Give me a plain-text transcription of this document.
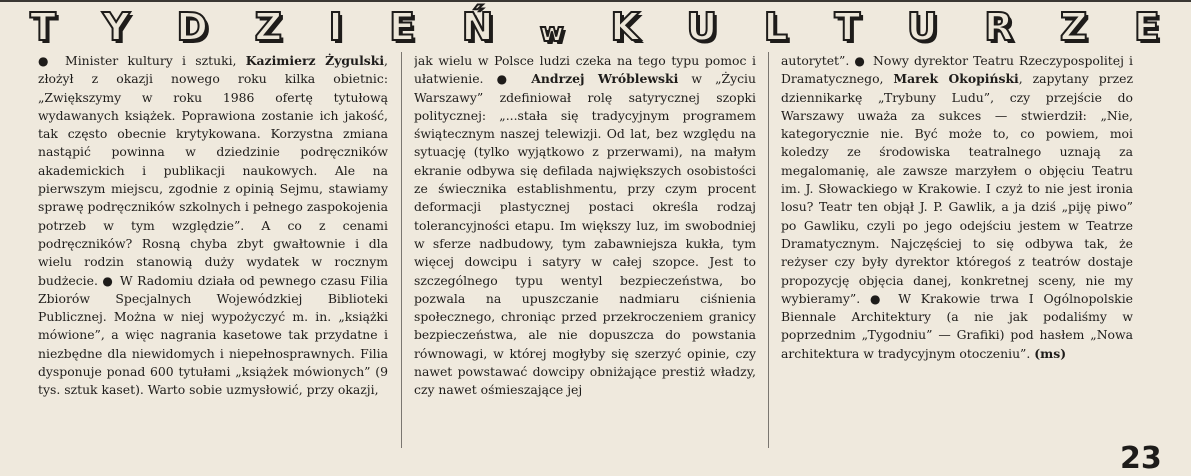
T Y D Z I E Ń w K U L T U R Z E

● Minister kultury i sztuki, Kazimierz Żygulski, złożył z okazji nowego roku kilka obietnic: „Zwiększymy w roku 1986 ofertę tytułową wydawanych książek. Poprawiona zostanie ich jakość, tak często obecnie krytykowana. Korzystna zmiana nastąpić powinna w dziedzinie podręczników akademickich i publikacji naukowych. Ale na pierwszym miejscu, zgodnie z opinią Sejmu, stawiamy sprawę podręczników szkolnych i pełnego zaspokojenia potrzeb w tym względzie”. A co z cenami podręczników? Rosną chyba zbyt gwałtownie i dla wielu rodzin stanowią duży wydatek w rocznym budżecie. ● W Radomiu działa od pewnego czasu Filia Zbiorów Specjalnych Wojewódzkiej Biblioteki Publicznej. Można w niej wypożyczyć m. in. „książki mówione”, a więc nagrania kasetowe tak przydatne i niezbędne dla niewidomych i niepełnosprawnych. Filia dysponuje ponad 600 tytułami „książek mówionych” (9 tys. sztuk kaset). Warto sobie uzmysłowić, przy okazji,

jak wielu w Polsce ludzi czeka na tego typu pomoc i ułatwienie. ● Andrzej Wróblewski w „Życiu Warszawy” zdefiniował rolę satyrycznej szopki politycznej: „...stała się tradycyjnym programem świątecznym naszej telewizji. Od lat, bez względu na sytuację (tylko wyjątkowo z przerwami), na małym ekranie odbywa się defilada największych osobistości ze świecznika establishmentu, przy czym procent deformacji plastycznej postaci określa rodzaj tolerancyjności etapu. Im większy luz, im swobodniej w sferze nadbudowy, tym zabawniejsza kukła, tym więcej dowcipu i satyry w całej szopce. Jest to szczególnego typu wentyl bezpieczeństwa, bo pozwala na upuszczanie nadmiaru ciśnienia społecznego, chroniąc przed przekroczeniem granicy bezpieczeństwa, ale nie dopuszcza do powstania równowagi, w której mogłyby się szerzyć opinie, czy nawet powstawać dowcipy obniżające prestiż władzy, czy nawet ośmieszające jej

autorytet”. ● Nowy dyrektor Teatru Rzeczypospolitej i Dramatycznego, Marek Okopiński, zapytany przez dziennikarkę „Trybuny Ludu”, czy przejście do Warszawy uważa za sukces — stwierdził: „Nie, kategorycznie nie. Być może to, co powiem, moi koledzy ze środowiska teatralnego uznają za megalomanię, ale zawsze marzyłem o objęciu Teatru im. J. Słowackiego w Krakowie. I czyż to nie jest ironia losu? Teatr ten objął J. P. Gawlik, a ja dziś „piję piwo” po Gawliku, czyli po jego odejściu jestem w Teatrze Dramatycznym. Najczęściej to się odbywa tak, że reżyser czy były dyrektor któregoś z teatrów dostaje propozycję objęcia danej, konkretnej sceny, nie my wybieramy”. ● W Krakowie trwa I Ogólnopolskie Biennale Architektury (a nie jak podaliśmy w poprzednim „Tygodniu” — Grafiki) pod hasłem „Nowa architektura w tradycyjnym otoczeniu”. (ms)

23
